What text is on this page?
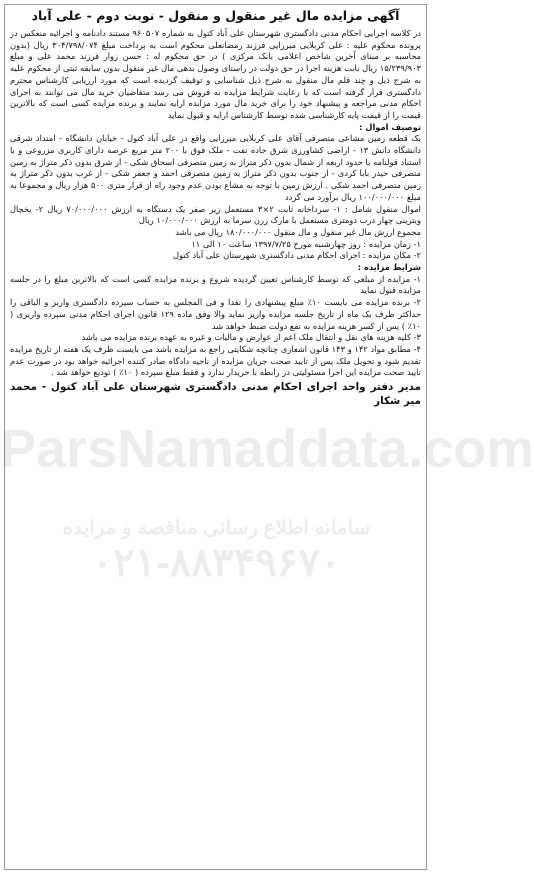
آگهی مزایده مال غیر منقول و منقول - نوبت دوم - علی آباد

در کلاسه اجرایی احکام مدنی دادگستری شهرستان علی آباد کتول به شماره ۹۶۰۵۰۷ مستند دادنامه و اجرائیه منعکس در پرونده محکوم علیه : علی کربلایی میرزایی فرزند رمضانعلی محکوم است به پرداخت مبلغ ۳۰۴/۷۹۸/۰۷۴ ریال (بدون محاسبه بر مبنای آخرین شاخص اعلامی بانک مرکزی ) در حق محکوم له : حسن زوار فرزند محمد علی و مبلغ ۱۵/۲۳۹/۹۰۳ ریال بابت هزینه اجرا در حق دولت در راستای وصول بدهی مال غیر منقول بدون سابقه ثبتی از محکوم علیه به شرح ذیل و چند قلم مال منقول به شرح ذیل شناسایی و توقیف گردیده است که مورد ارزیابی کارشناس محترم دادگستری قرار گرفته است که با رعایت شرایط مزایده به فروش می رسد متقاضیان خرید مال می توانند به اجرای احکام مدنی مراجعه و پیشنهاد خود را برای خرید مال مورد مزایده ارایه نمایند و برنده مزایده کسی است که بالاترین قیمت را از قیمت پایه کارشناسی شده توسط کارشناس ارایه و قبول نماید

توصیف اموال :

یک قطعه زمین مشاعی متصرفی آقای علی کربلایی میرزایی واقع در علی آباد کتول - خیابان دانشگاه - امتداد شرقی دانشگاه دانش ۱۳ - اراضی کشاورزی شرق جاده نفت - ملک فوق با ۲۰۰ متر مربع عرصه دارای کاربری مزروعی و با استناد قولنامه با حدود اربعه از شمال بدون ذکر متراژ به زمین متصرفی اسحاق شکی - از شرق بدون ذکر متراژ به زمین متصرفی حیدر بابا کردی - از جنوب بدون ذکر متراژ به زمین متصرفی احمد و جعفر شکی - از غرب بدون ذکر متراژ به زمین متصرفی احمد شکی . ارزش زمین با توجه به مشاع بودن عدم وجود راه از قرار متری ۵۰۰ هزار ریال و مجموعا به مبلغ ۱۰۰/۰۰۰/۰۰۰ ریال برآورد می گردد

اموال منقول شامل : ۱- سرداخانه ثابت ۲×۳ مستعمل زیر صفر یک دستگاه به ارزش ۷۰/۰۰۰/۰۰۰ ریال ۲- یخچال ویترینی چهار درب دومتری مستعمل با مارک زرن سرما به ارزش ۱۰/۰۰۰/۰۰۰ ریال

مجموع ارزش مال غیر منقول و مال منقول ۱۸۰/۰۰۰/۰۰۰ ریال می باشد

۱- زمان مزایده : روز چهارشنبه مورخ ۱۳۹۷/۷/۲۵ ساعت ۱۰ الی ۱۱

۲- مکان مزایده : اجرای احکام مدنی دادگستری شهرستان علی آباد کتول

شرایط مزایده :

۱- مزایده از مبلغی که توسط کارشناس تعیین گردیده شروع و برنده مزایده کسی است که بالاترین مبلغ را در جلسه مزایده قبول نماید

۲- برنده مزایده می بایست ۱۰٪ مبلغ پیشنهادی را نقدا و فی المجلس به حساب سپرده دادگستری واریز و الباقی را حداکثر ظرف یک ماه از تاریخ جلسه مزایده واریز نماید والا وفق ماده ۱۲۹ قانون اجرای احکام مدنی سپرده واریزی ( ۱۰٪ ) پس از کسر هزینه مزایده به نفع دولت ضبط خواهد شد

۳- کلیه هزینه های نقل و انتقال ملک اعم از عوارض و مالیات و غیره به عهده برنده مزایده می باشد

۴- مطابق مواد ۱۴۲ و ۱۴۳ قانون اشعاری چنانچه شکایتی راجع به مزایده باشد می بایست ظرف یک هفته از تاریخ مزایده تقدیم شود و تحویل ملک پس از تایید صحت جریان مزایده از ناحیه دادگاه صادر کننده اجرائیه خواهد بود در صورت عدم تایید صحت مزایده این اجرا مسئولیتی در رابطه با خریدار ندارد و فقط مبلغ سپرده ( ۱۰٪ ) تودیع خواهد شد .

مدیر دفتر واحد اجرای احکام مدنی دادگستری شهرستان علی آباد کتول - محمد میر شکار
ParsNamaddata.com
سامانه اطلاع رسانی مناقصه و مزایده
۰۲۱-۸۸۳۴۹۶۷۰
